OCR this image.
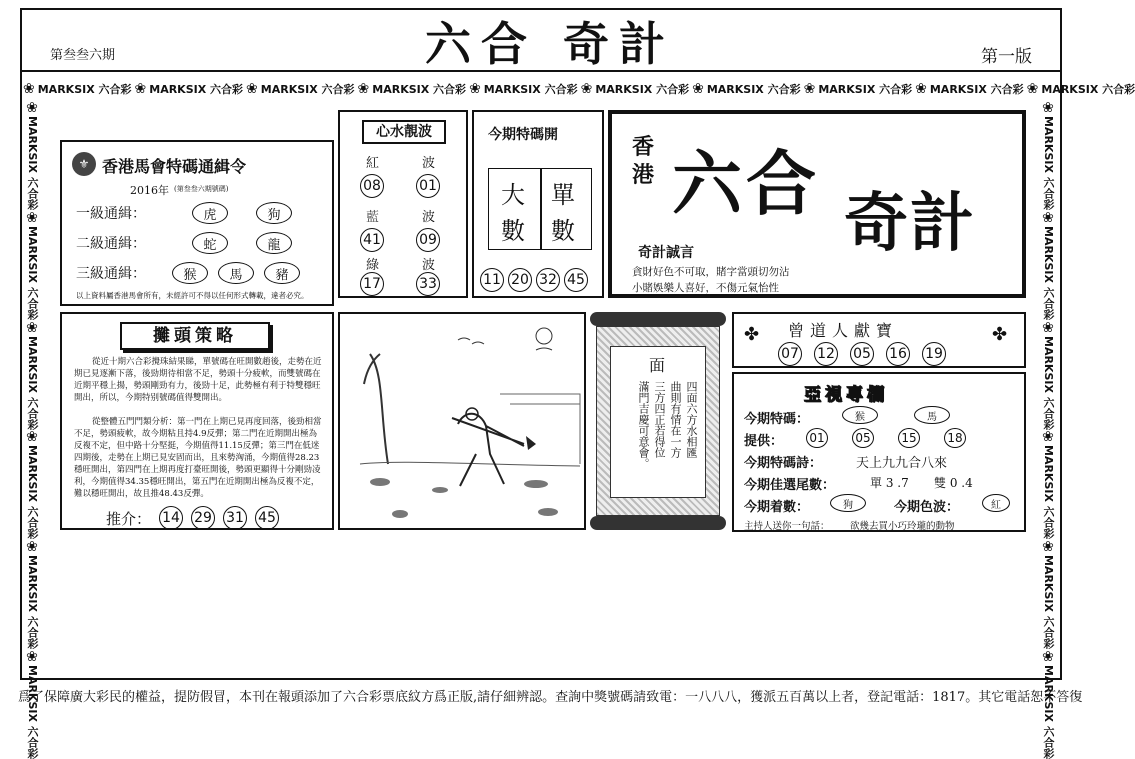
第叁叁六期	六合 奇計	第一版
❀ MARKSIX 六合彩 ❀ MARKSIX 六合彩 ❀ MARKSIX 六合彩 ❀ MARKSIX 六合彩 ❀ MARKSIX 六合彩 ❀ MARKSIX 六合彩 ❀ MARKSIX 六合彩 ❀ MARKSIX 六合彩 ❀ MARKSIX 六合彩 ❀ MARKSIX 六合彩
❀
MARKSIX 六合彩
❀
MARKSIX 六合彩
❀
MARKSIX 六合彩
❀
MARKSIX 六合彩
❀
MARKSIX 六合彩
❀
MARKSIX 六合彩
❀
MARKSIX 六合彩
❀
MARKSIX 六合彩
❀
MARKSIX 六合彩
❀
MARKSIX 六合彩
❀
MARKSIX 六合彩
❀
MARKSIX 六合彩
⚜ 香港馬會特碼通緝令
2016年 (第叁叁六期號碼)
一級通緝：	虎	狗
二級通緝：	蛇	龍
三級通緝：	猴	馬	豬
以上資料屬香港馬會所有，未經許可不得以任何形式轉載，違者必究。
心水靚波
紅	波
08	01
藍	波
41	09
綠	波
17	33
今期特碼開
大
數
單
數
11 20 32 45
香
港 六合 奇計
奇計誠言
貪財好色不可取，賭字當頭切勿沾
小賭娛樂人喜好，不傷元氣怡性
攤頭策略
從近十期六合彩攪珠結果睇，單號碼在旺開數趙後，走勢在近期已見逐漸下落，後勁期待相當不足，勢頭十分疲軟，而雙號碼在近期平穩上揚，勢頭剛勁有力，後勁十足，此勢極有利于特雙穩旺開出，所以，今期特别號碼值得雙開出。
從整體五門門類分析：第一門在上期已見再度回落，後勁相當不足，勢頭疲軟，故今期粘且持4.9反彈；第二門在近期開出極為反複不定，但中路十分堅挺，今期值得11.15反彈；第三門在低迷四期後，走勢在上期已見安固而出，且來勢洶涌，今期值得28.23穩旺開出，第四門在上期再度打臺旺開後，勢頭更顯得十分剛勁凌利，今期值得34.35穩旺開出，第五門在近期開出極為反複不定，難以穩旺開出，故且推48.43反彈。
推介： 14 29 31 45
面
四面六方水相匯
曲則有情在一方
三方四正若得位
滿門吉慶可意會。
✤	✤
曾道人獻寶
07 12 05 16 19
亞視專欄
今期特碼：	猴	馬
提供： 01	05	15	18
今期特碼詩：	天上九九合八來
今期佳選尾數：	單 3 .7 雙 0 .4
今期着數：	狗	今期色波：	紅
主持人送你一句話： 欲幾去買小巧玲瓏的動物
爲了保障廣大彩民的權益，提防假冒，本刊在報頭添加了六合彩票底紋方爲正版,請仔細辨認。查詢中獎號碼請致電：一八八八，獲派五百萬以上者，登記電話：1817。其它電話恕不答復
